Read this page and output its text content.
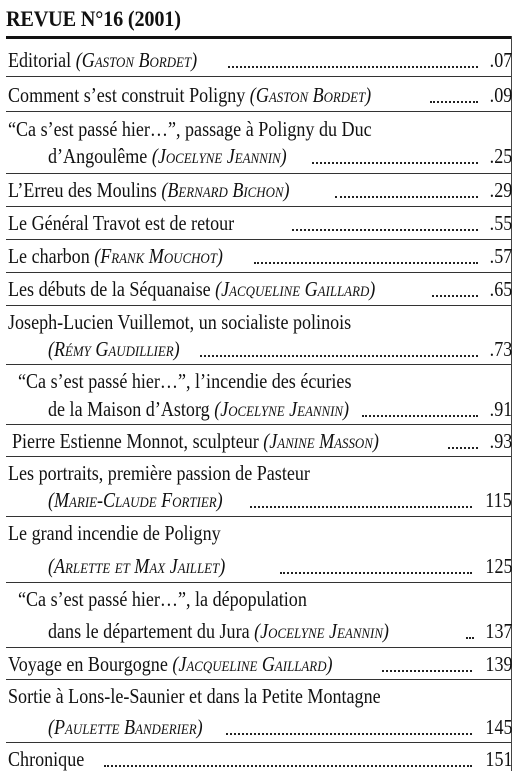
REVUE N°16 (2001)
Editorial (Gaston Bordet)	.07
Comment s’est construit Poligny (Gaston Bordet)	.09
“Ca s’est passé hier…”, passage à Poligny du Duc
d’Angoulême (Jocelyne Jeannin)	.25
L’Erreu des Moulins (Bernard Bichon)	.29
Le Général Travot est de retour	.55
Le charbon (Frank Mouchot)	.57
Les débuts de la Séquanaise (Jacqueline Gaillard)	.65
Joseph-Lucien Vuillemot, un socialiste polinois
(Rémy Gaudillier)	.73
“Ca s’est passé hier…”, l’incendie des écuries
de la Maison d’Astorg (Jocelyne Jeannin)	.91
Pierre Estienne Monnot, sculpteur (Janine Masson)	.93
Les portraits, première passion de Pasteur
(Marie-Claude Fortier)	115
Le grand incendie de Poligny
(Arlette et Max Jaillet)	125
“Ca s’est passé hier…”, la dépopulation
dans le département du Jura (Jocelyne Jeannin)	137
Voyage en Bourgogne (Jacqueline Gaillard)	139
Sortie à Lons-le-Saunier et dans la Petite Montagne
(Paulette Banderier)	145
Chronique	151
